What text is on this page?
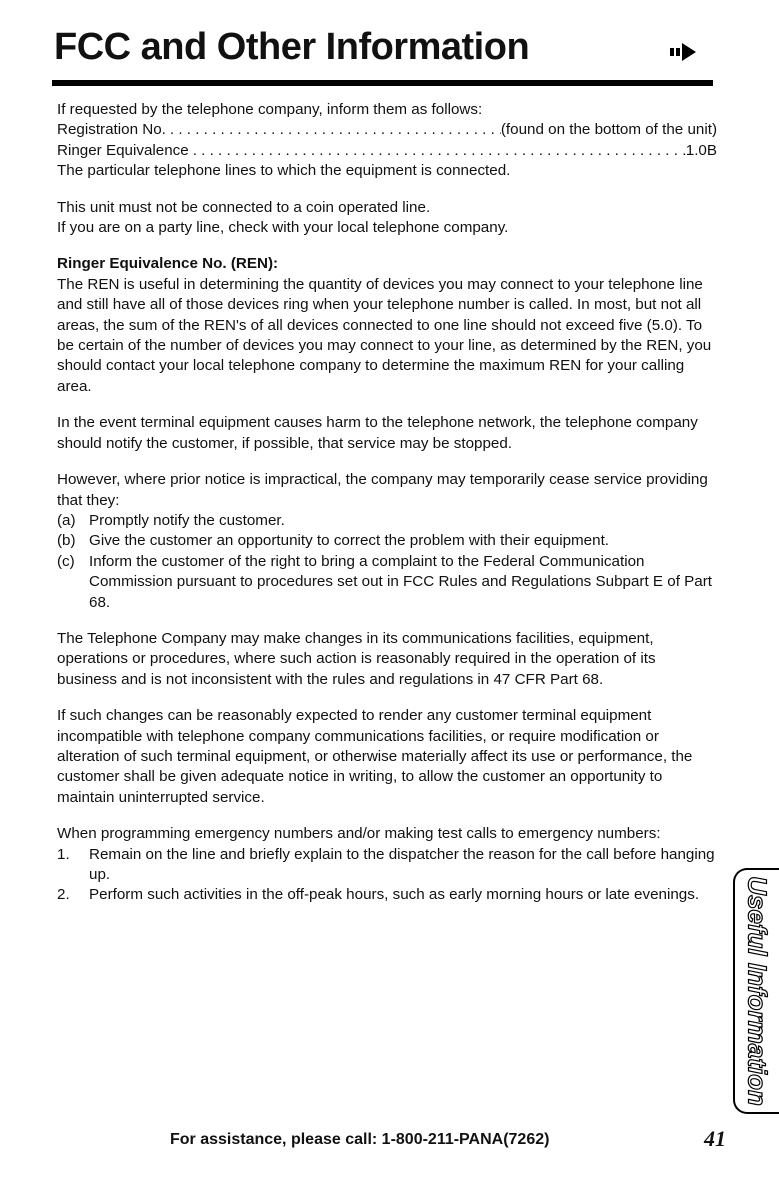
FCC and Other Information

If requested by the telephone company, inform them as follows:

Registration No. . . .	(found on the bottom of the unit)
Ringer Equivalence . . .	1.0B

The particular telephone lines to which the equipment is connected.

This unit must not be connected to a coin operated line.

If you are on a party line, check with your local telephone company.

Ringer Equivalence No. (REN):

The REN is useful in determining the quantity of devices you may connect to your telephone line and still have all of those devices ring when your telephone number is called. In most, but not all areas, the sum of the REN's of all devices connected to one line should not exceed five (5.0). To be certain of the number of devices you may connect to your line, as determined by the REN, you should contact your local telephone company to determine the maximum REN for your calling area.

In the event terminal equipment causes harm to the telephone network, the telephone company should notify the customer, if possible, that service may be stopped.

However, where prior notice is impractical, the company may temporarily cease service providing that they:

(a) Promptly notify the customer.
(b) Give the customer an opportunity to correct the problem with their equipment.
(c) Inform the customer of the right to bring a complaint to the Federal Communication Commission pursuant to procedures set out in FCC Rules and Regulations Subpart E of Part 68.

The Telephone Company may make changes in its communications facilities, equipment, operations or procedures, where such action is reasonably required in the operation of its business and is not inconsistent with the rules and regulations in 47 CFR Part 68.

If such changes can be reasonably expected to render any customer terminal equipment incompatible with telephone company communications facilities, or require modification or alteration of such terminal equipment, or otherwise materially affect its use or performance, the customer shall be given adequate notice in writing, to allow the customer an opportunity to maintain uninterrupted service.

When programming emergency numbers and/or making test calls to emergency numbers:

1.	Remain on the line and briefly explain to the dispatcher the reason for the call before hanging up.
2.	Perform such activities in the off-peak hours, such as early morning hours or late evenings.	Useful Information
For assistance, please call: 1-800-211-PANA(7262)	41
